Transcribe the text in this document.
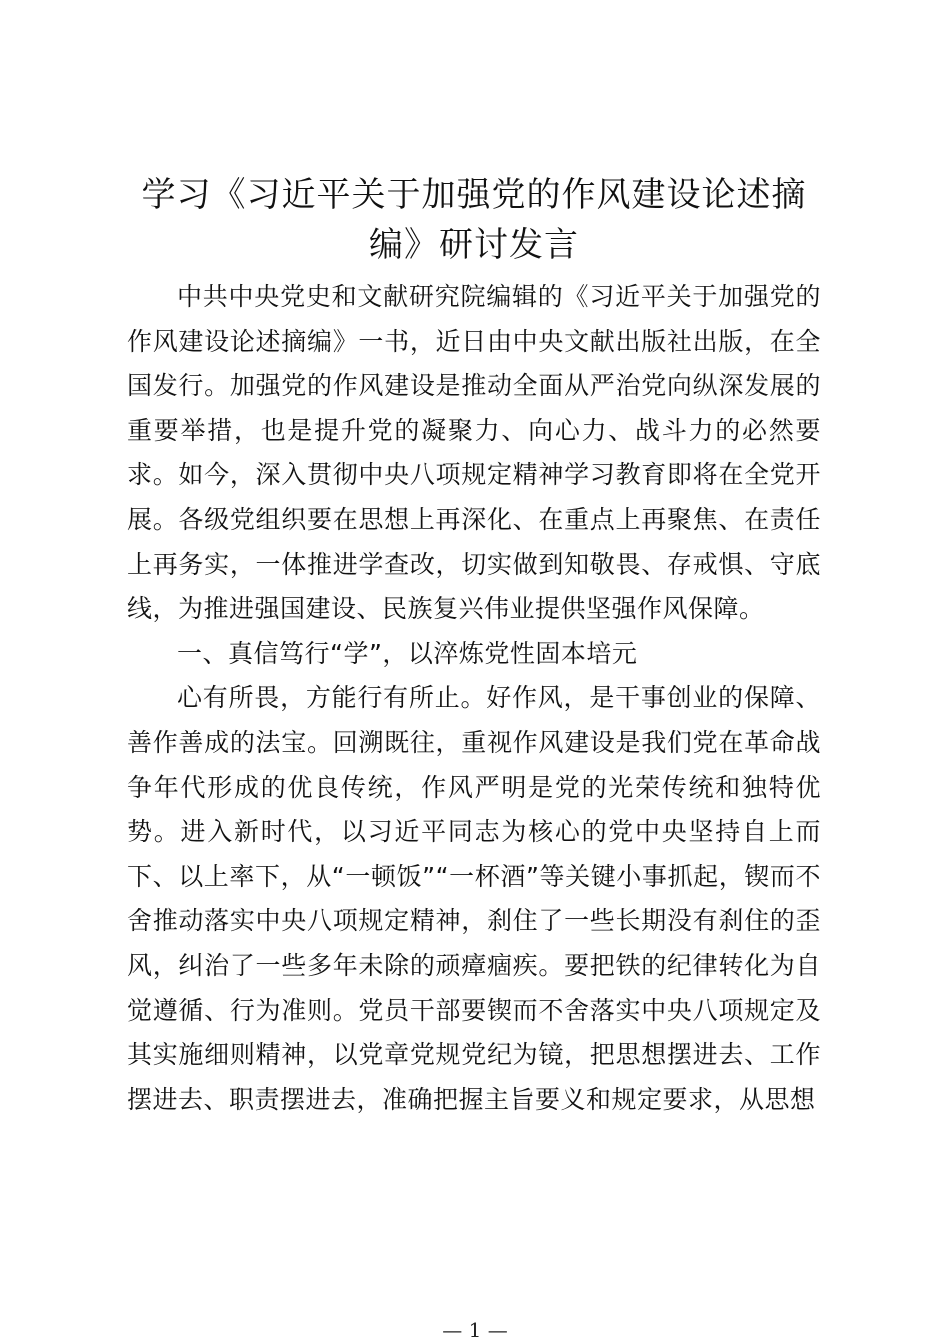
学习《习近平关于加强党的作风建设论述摘编》研讨发言

中共中央党史和文献研究院编辑的《习近平关于加强党的作风建设论述摘编》一书，近日由中央文献出版社出版，在全国发行。加强党的作风建设是推动全面从严治党向纵深发展的重要举措，也是提升党的凝聚力、向心力、战斗力的必然要求。如今，深入贯彻中央八项规定精神学习教育即将在全党开展。各级党组织要在思想上再深化、在重点上再聚焦、在责任上再务实，一体推进学查改，切实做到知敬畏、存戒惧、守底线，为推进强国建设、民族复兴伟业提供坚强作风保障。

一、真信笃行“学”，以淬炼党性固本培元

心有所畏，方能行有所止。好作风，是干事创业的保障、善作善成的法宝。回溯既往，重视作风建设是我们党在革命战争年代形成的优良传统，作风严明是党的光荣传统和独特优势。进入新时代，以习近平同志为核心的党中央坚持自上而下、以上率下，从“一顿饭”“一杯酒”等关键小事抓起，锲而不舍推动落实中央八项规定精神，刹住了一些长期没有刹住的歪风，纠治了一些多年未除的顽瘴痼疾。要把铁的纪律转化为自觉遵循、行为准则。党员干部要锲而不舍落实中央八项规定及其实施细则精神，以党章党规党纪为镜，把思想摆进去、工作摆进去、职责摆进去，准确把握主旨要义和规定要求，从思想

— 1 —
